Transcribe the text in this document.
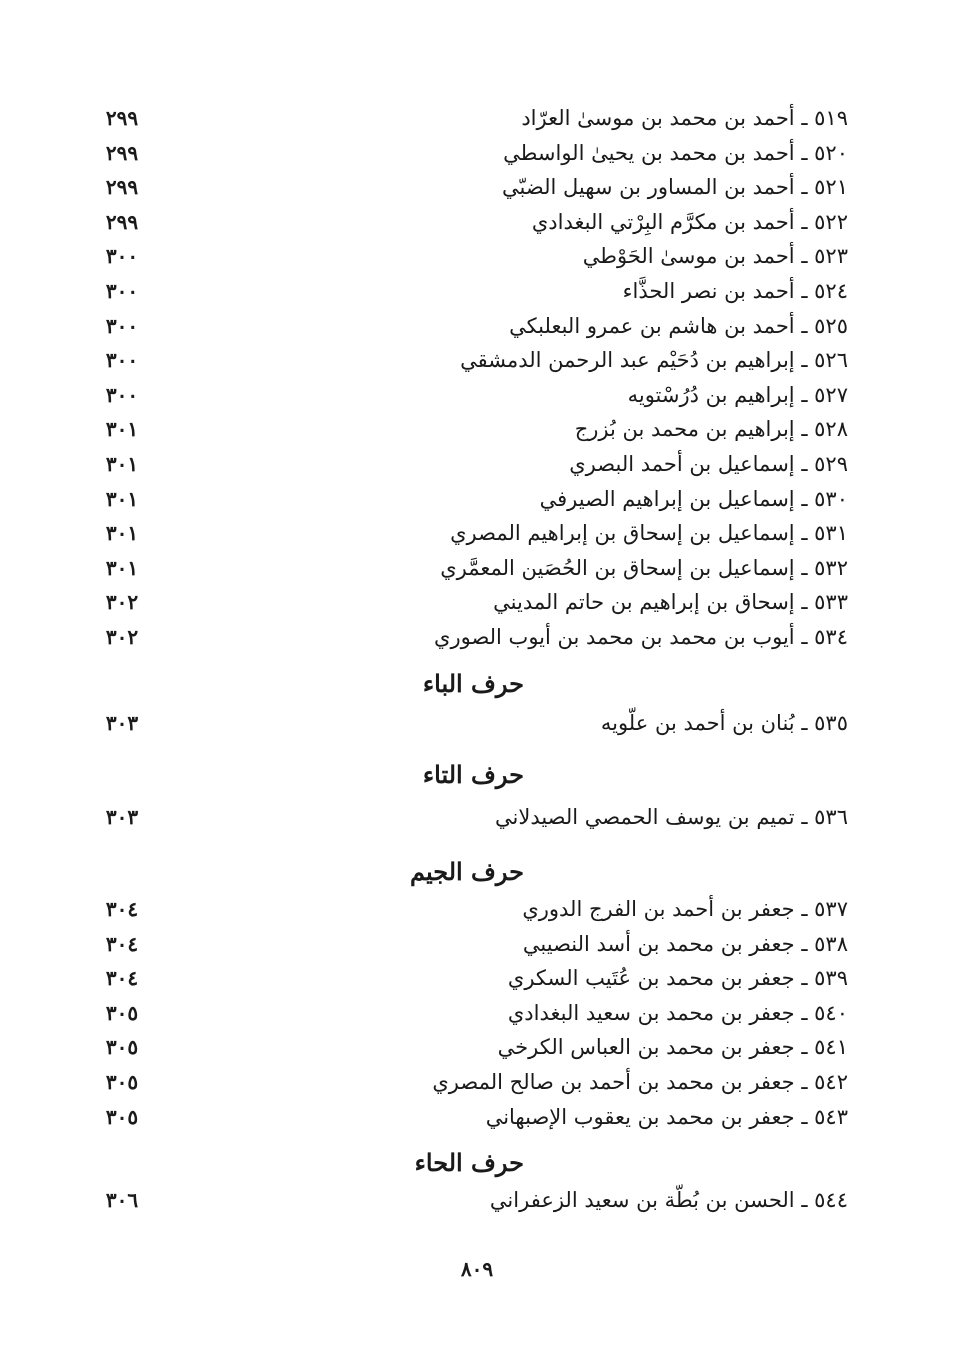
٥١٩ ـ أحمد بن محمد بن موسىٰ العرّاد
٢٩٩
٥٢٠ ـ أحمد بن محمد بن يحيىٰ الواسطي
٢٩٩
٥٢١ ـ أحمد بن المساور بن سهيل الضبّي
٢٩٩
٥٢٢ ـ أحمد بن مكرَّم البِرْتي البغدادي
٢٩٩
٥٢٣ ـ أحمد بن موسىٰ الحَوْطي
٣٠٠
٥٢٤ ـ أحمد بن نصر الحذَّاء
٣٠٠
٥٢٥ ـ أحمد بن هاشم بن عمرو البعلبكي
٣٠٠
٥٢٦ ـ إبراهيم بن دُحَيْم عبد الرحمن الدمشقي
٣٠٠
٥٢٧ ـ إبراهيم بن دُرُسْتويه
٣٠٠
٥٢٨ ـ إبراهيم بن محمد بن بُزرج
٣٠١
٥٢٩ ـ إسماعيل بن أحمد البصري
٣٠١
٥٣٠ ـ إسماعيل بن إبراهيم الصيرفي
٣٠١
٥٣١ ـ إسماعيل بن إسحاق بن إبراهيم المصري
٣٠١
٥٣٢ ـ إسماعيل بن إسحاق بن الحُصَين المعمَّري
٣٠١
٥٣٣ ـ إسحاق بن إبراهيم بن حاتم المديني
٣٠٢
٥٣٤ ـ أيوب بن محمد بن محمد بن أيوب الصوري
٣٠٢
حرف الباء
٥٣٥ ـ بُنان بن أحمد بن علّويه
٣٠٣
حرف التاء
٥٣٦ ـ تميم بن يوسف الحمصي الصيدلاني
٣٠٣
حرف الجيم
٥٣٧ ـ جعفر بن أحمد بن الفرج الدوري
٣٠٤
٥٣٨ ـ جعفر بن محمد بن أسد النصيبي
٣٠٤
٥٣٩ ـ جعفر بن محمد بن عُتَيب السكري
٣٠٤
٥٤٠ ـ جعفر بن محمد بن سعيد البغدادي
٣٠٥
٥٤١ ـ جعفر بن محمد بن العباس الكرخي
٣٠٥
٥٤٢ ـ جعفر بن محمد بن أحمد بن صالح المصري
٣٠٥
٥٤٣ ـ جعفر بن محمد بن يعقوب الإصبهاني
٣٠٥
حرف الحاء
٥٤٤ ـ الحسن بن بُطّة بن سعيد الزعفراني
٣٠٦
٨٠٩
